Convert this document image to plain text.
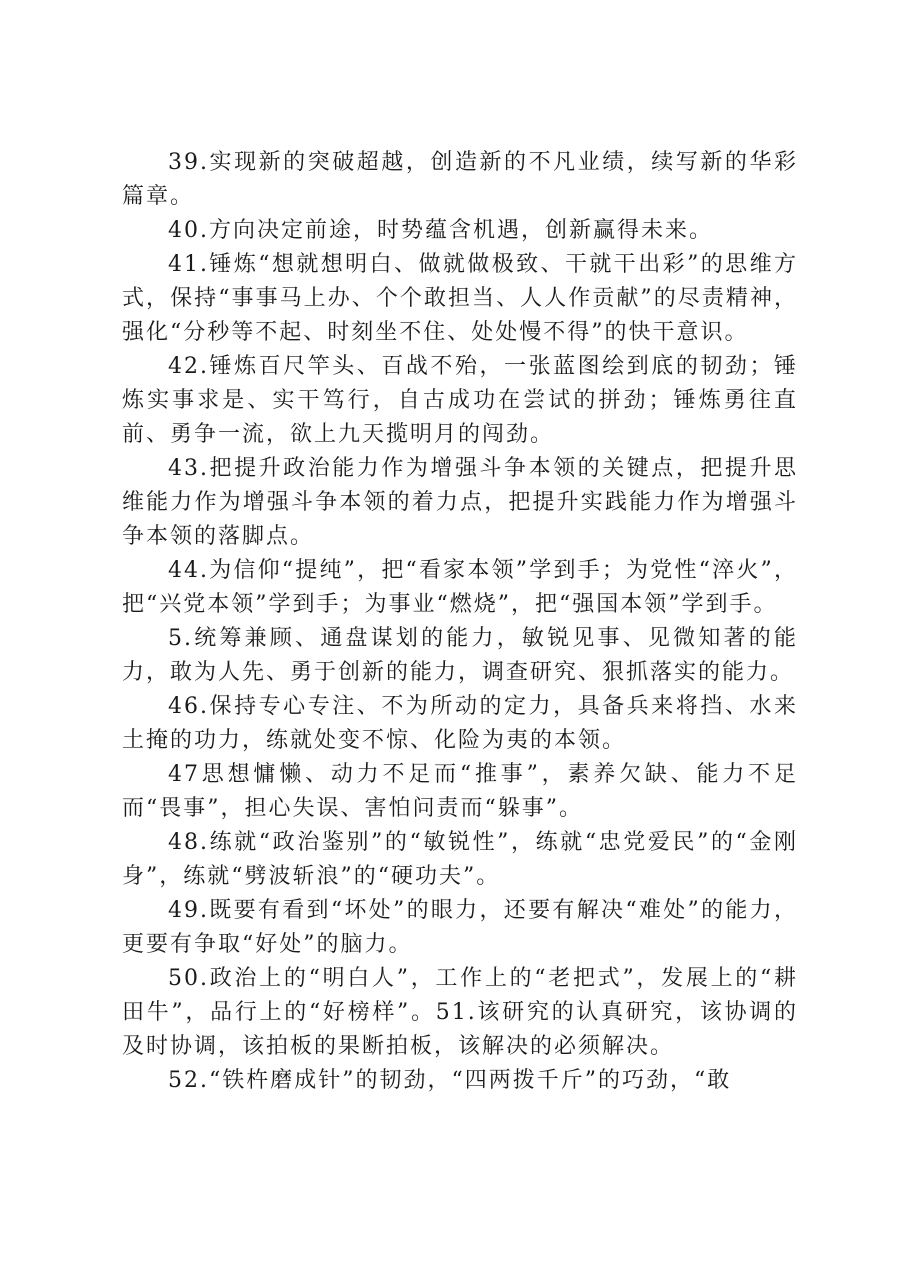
39.实现新的突破超越，创造新的不凡业绩，续写新的华彩篇章。

40.方向决定前途，时势蕴含机遇，创新赢得未来。

41.锤炼“想就想明白、做就做极致、干就干出彩”的思维方式，保持“事事马上办、个个敢担当、人人作贡献”的尽责精神，强化“分秒等不起、时刻坐不住、处处慢不得”的快干意识。

42.锤炼百尺竿头、百战不殆，一张蓝图绘到底的韧劲；锤炼实事求是、实干笃行，自古成功在尝试的拼劲；锤炼勇往直前、勇争一流，欲上九天揽明月的闯劲。

43.把提升政治能力作为增强斗争本领的关键点，把提升思维能力作为增强斗争本领的着力点，把提升实践能力作为增强斗争本领的落脚点。

44.为信仰“提纯”，把“看家本领”学到手；为党性“淬火”，把“兴党本领”学到手；为事业“燃烧”，把“强国本领”学到手。

5.统筹兼顾、通盘谋划的能力，敏锐见事、见微知著的能力，敢为人先、勇于创新的能力，调查研究、狠抓落实的能力。

46.保持专心专注、不为所动的定力，具备兵来将挡、水来土掩的功力，练就处变不惊、化险为夷的本领。

47思想慵懒、动力不足而“推事”，素养欠缺、能力不足而“畏事”，担心失误、害怕问责而“躲事”。

48.练就“政治鉴别”的“敏锐性”，练就“忠党爱民”的“金刚身”，练就“劈波斩浪”的“硬功夫”。

49.既要有看到“坏处”的眼力，还要有解决“难处”的能力，更要有争取“好处”的脑力。

50.政治上的“明白人”，工作上的“老把式”，发展上的“耕田牛”，品行上的“好榜样”。51.该研究的认真研究，该协调的及时协调，该拍板的果断拍板，该解决的必须解决。

52.“铁杵磨成针”的韧劲，“四两拨千斤”的巧劲，“敢
